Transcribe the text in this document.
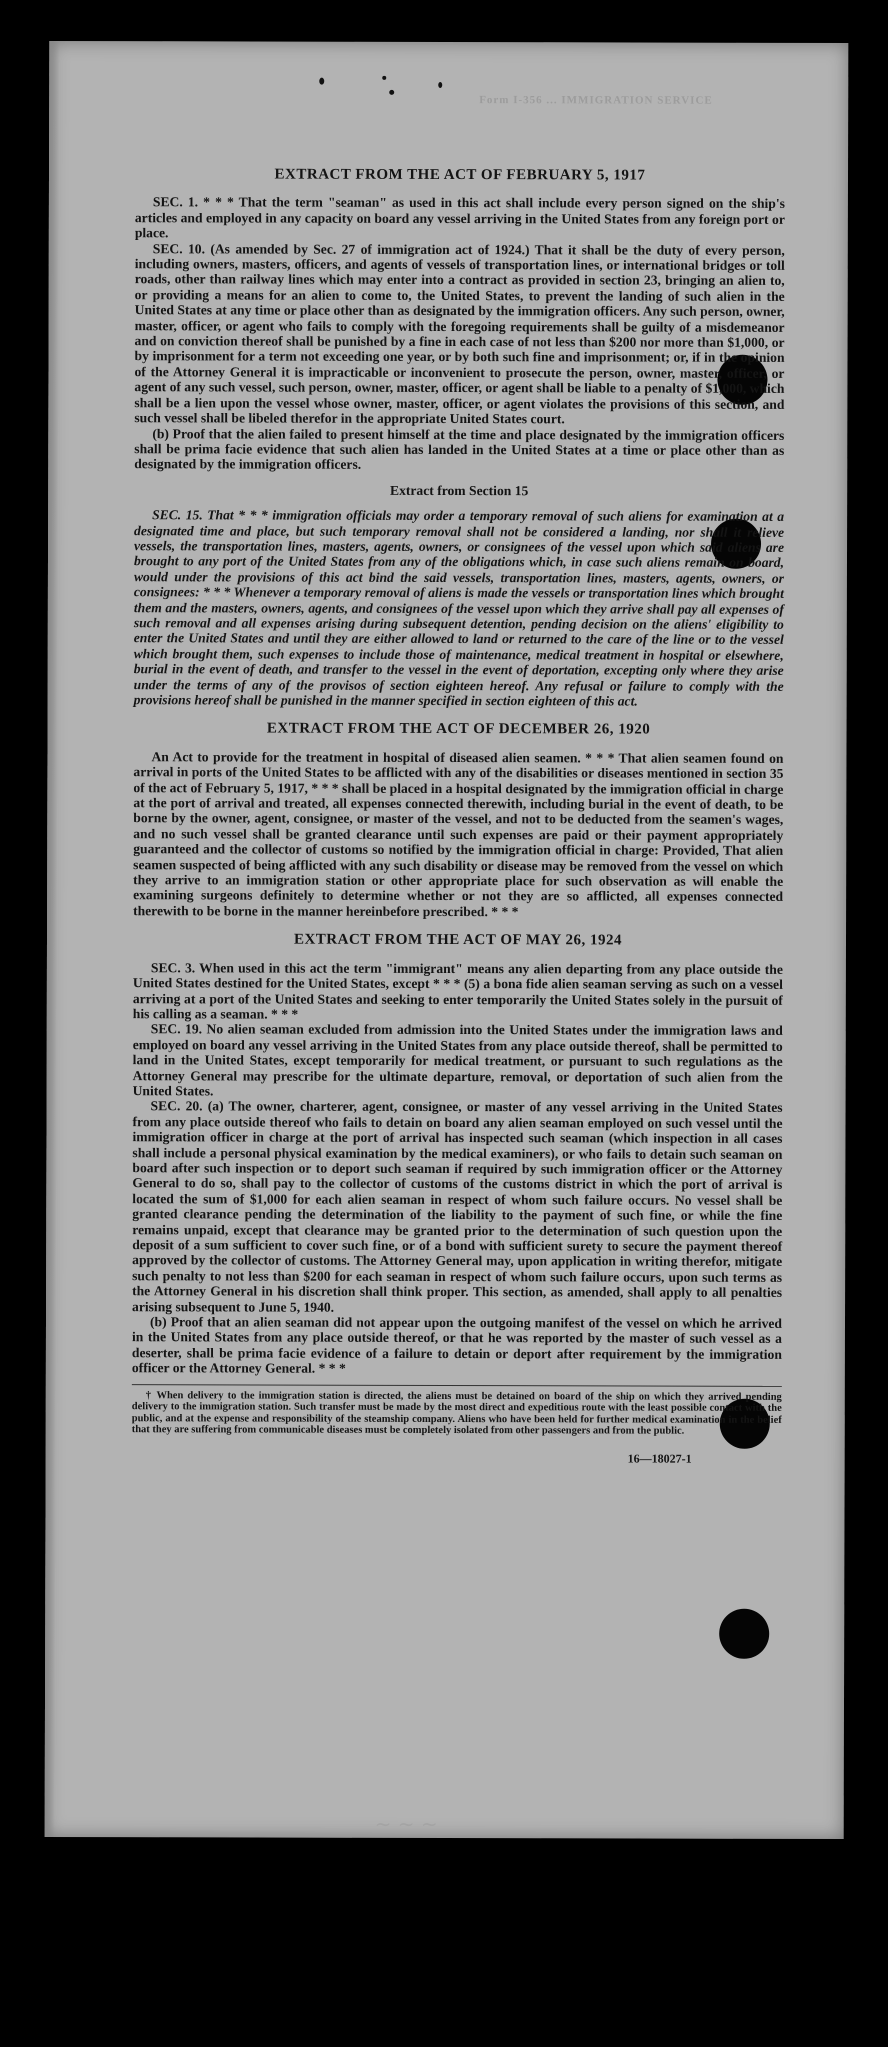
Form I-356 ... IMMIGRATION SERVICE
EXTRACT FROM THE ACT OF FEBRUARY 5, 1917

SEC. 1. * * * That the term "seaman" as used in this act shall include every person signed on the ship's articles and employed in any capacity on board any vessel arriving in the United States from any foreign port or place.

SEC. 10. (As amended by Sec. 27 of immigration act of 1924.) That it shall be the duty of every person, including owners, masters, officers, and agents of vessels of transportation lines, or international bridges or toll roads, other than railway lines which may enter into a contract as provided in section 23, bringing an alien to, or providing a means for an alien to come to, the United States, to prevent the landing of such alien in the United States at any time or place other than as designated by the immigration officers. Any such person, owner, master, officer, or agent who fails to comply with the foregoing requirements shall be guilty of a misdemeanor and on conviction thereof shall be punished by a fine in each case of not less than $200 nor more than $1,000, or by imprisonment for a term not exceeding one year, or by both such fine and imprisonment; or, if in the opinion of the Attorney General it is impracticable or inconvenient to prosecute the person, owner, master, officer, or agent of any such vessel, such person, owner, master, officer, or agent shall be liable to a penalty of $1,000, which shall be a lien upon the vessel whose owner, master, officer, or agent violates the provisions of this section, and such vessel shall be libeled therefor in the appropriate United States court.

(b) Proof that the alien failed to present himself at the time and place designated by the immigration officers shall be prima facie evidence that such alien has landed in the United States at a time or place other than as designated by the immigration officers.

Extract from Section 15

SEC. 15. That * * * immigration officials may order a temporary removal of such aliens for examination at a designated time and place, but such temporary removal shall not be considered a landing, nor shall it relieve vessels, the transportation lines, masters, agents, owners, or consignees of the vessel upon which said aliens are brought to any port of the United States from any of the obligations which, in case such aliens remain on board, would under the provisions of this act bind the said vessels, transportation lines, masters, agents, owners, or consignees: * * * Whenever a temporary removal of aliens is made the vessels or transportation lines which brought them and the masters, owners, agents, and consignees of the vessel upon which they arrive shall pay all expenses of such removal and all expenses arising during subsequent detention, pending decision on the aliens' eligibility to enter the United States and until they are either allowed to land or returned to the care of the line or to the vessel which brought them, such expenses to include those of maintenance, medical treatment in hospital or elsewhere, burial in the event of death, and transfer to the vessel in the event of deportation, excepting only where they arise under the terms of any of the provisos of section eighteen hereof. Any refusal or failure to comply with the provisions hereof shall be punished in the manner specified in section eighteen of this act.

EXTRACT FROM THE ACT OF DECEMBER 26, 1920

An Act to provide for the treatment in hospital of diseased alien seamen. * * * That alien seamen found on arrival in ports of the United States to be afflicted with any of the disabilities or diseases mentioned in section 35 of the act of February 5, 1917, * * * shall be placed in a hospital designated by the immigration official in charge at the port of arrival and treated, all expenses connected therewith, including burial in the event of death, to be borne by the owner, agent, consignee, or master of the vessel, and not to be deducted from the seamen's wages, and no such vessel shall be granted clearance until such expenses are paid or their payment appropriately guaranteed and the collector of customs so notified by the immigration official in charge: Provided, That alien seamen suspected of being afflicted with any such disability or disease may be removed from the vessel on which they arrive to an immigration station or other appropriate place for such observation as will enable the examining surgeons definitely to determine whether or not they are so afflicted, all expenses connected therewith to be borne in the manner hereinbefore prescribed. * * *

EXTRACT FROM THE ACT OF MAY 26, 1924

SEC. 3. When used in this act the term "immigrant" means any alien departing from any place outside the United States destined for the United States, except * * * (5) a bona fide alien seaman serving as such on a vessel arriving at a port of the United States and seeking to enter temporarily the United States solely in the pursuit of his calling as a seaman. * * *

SEC. 19. No alien seaman excluded from admission into the United States under the immigration laws and employed on board any vessel arriving in the United States from any place outside thereof, shall be permitted to land in the United States, except temporarily for medical treatment, or pursuant to such regulations as the Attorney General may prescribe for the ultimate departure, removal, or deportation of such alien from the United States.

SEC. 20. (a) The owner, charterer, agent, consignee, or master of any vessel arriving in the United States from any place outside thereof who fails to detain on board any alien seaman employed on such vessel until the immigration officer in charge at the port of arrival has inspected such seaman (which inspection in all cases shall include a personal physical examination by the medical examiners), or who fails to detain such seaman on board after such inspection or to deport such seaman if required by such immigration officer or the Attorney General to do so, shall pay to the collector of customs of the customs district in which the port of arrival is located the sum of $1,000 for each alien seaman in respect of whom such failure occurs. No vessel shall be granted clearance pending the determination of the liability to the payment of such fine, or while the fine remains unpaid, except that clearance may be granted prior to the determination of such question upon the deposit of a sum sufficient to cover such fine, or of a bond with sufficient surety to secure the payment thereof approved by the collector of customs. The Attorney General may, upon application in writing therefor, mitigate such penalty to not less than $200 for each seaman in respect of whom such failure occurs, upon such terms as the Attorney General in his discretion shall think proper. This section, as amended, shall apply to all penalties arising subsequent to June 5, 1940.

(b) Proof that an alien seaman did not appear upon the outgoing manifest of the vessel on which he arrived in the United States from any place outside thereof, or that he was reported by the master of such vessel as a deserter, shall be prima facie evidence of a failure to detain or deport after requirement by the immigration officer or the Attorney General. * * *

† When delivery to the immigration station is directed, the aliens must be detained on board of the ship on which they arrived pending delivery to the immigration station. Such transfer must be made by the most direct and expeditious route with the least possible contact with the public, and at the expense and responsibility of the steamship company. Aliens who have been held for further medical examination in the belief that they are suffering from communicable diseases must be completely isolated from other passengers and from the public.

16—18027-1
~ ~ ~
